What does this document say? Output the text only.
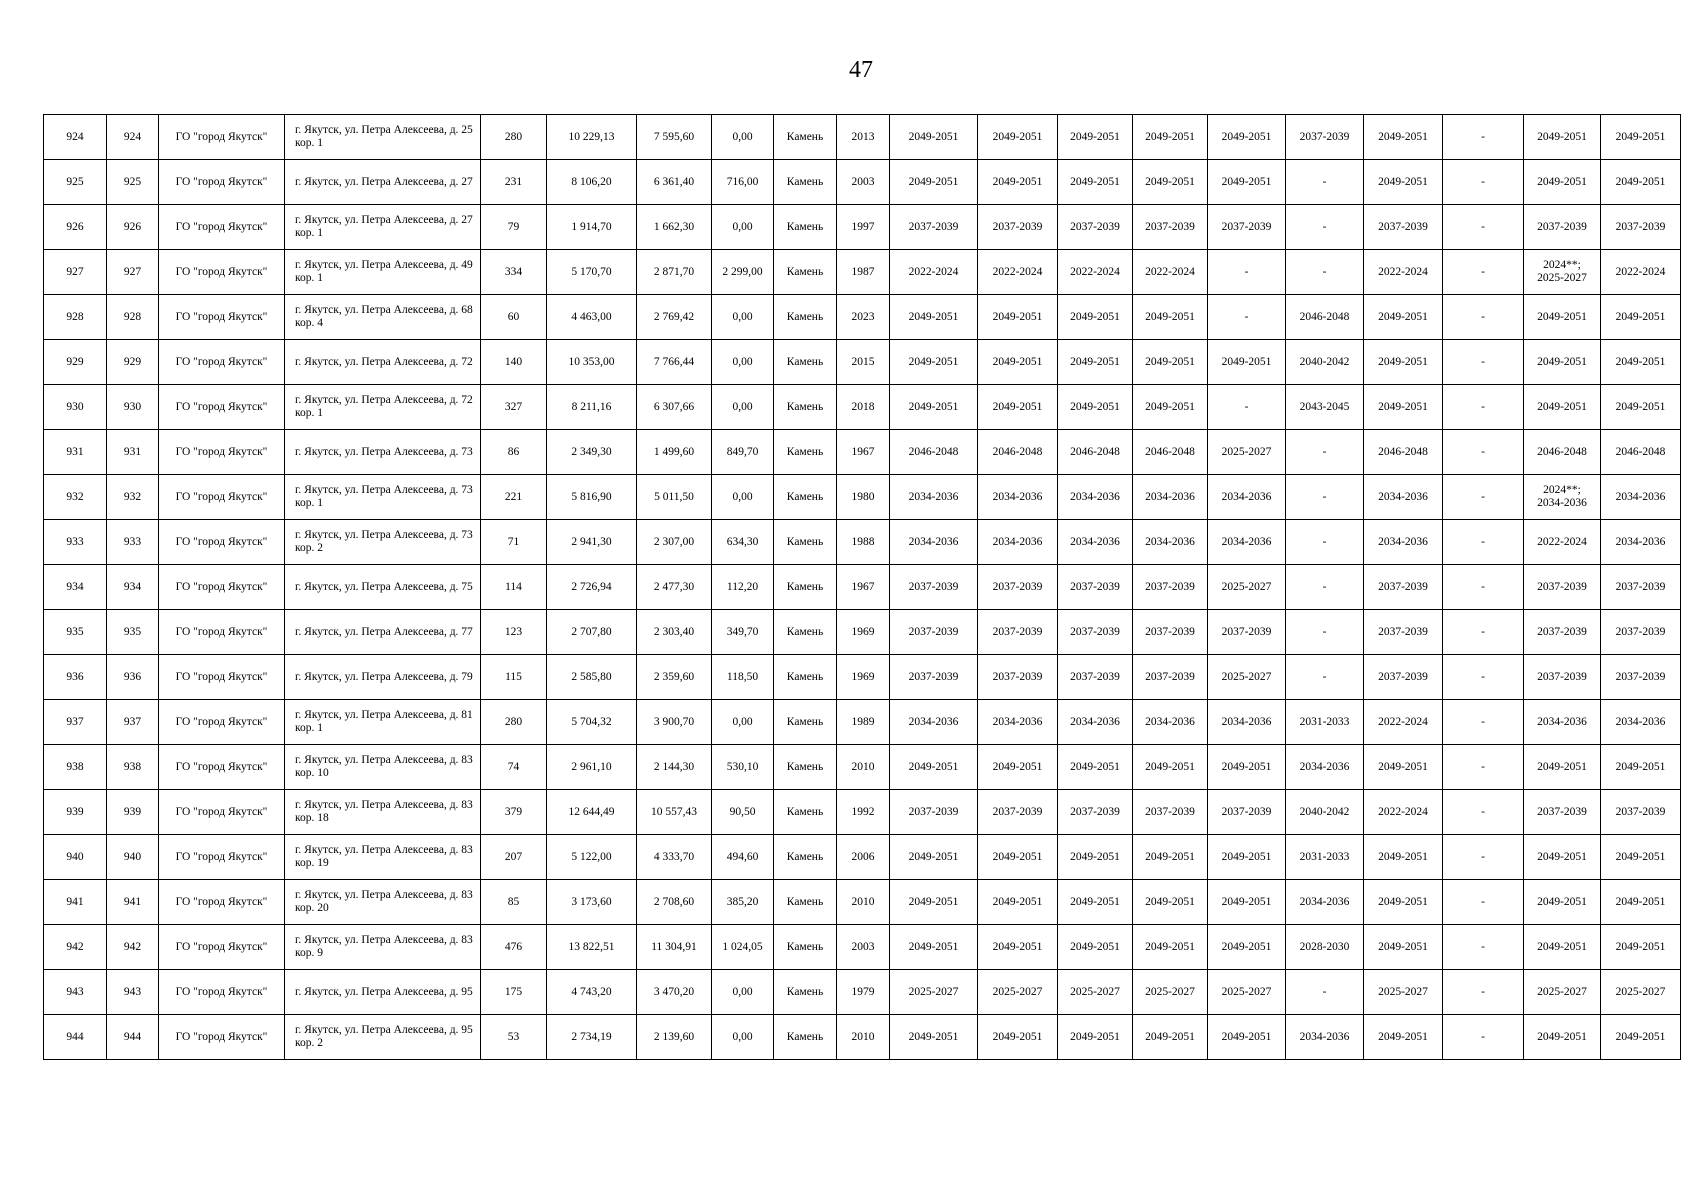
47
924	924	ГО "город Якутск"	г. Якутск, ул. Петра Алексеева, д. 25 кор. 1	280	10 229,13	7 595,60	0,00	Камень	2013	2049-2051	2049-2051	2049-2051	2049-2051	2049-2051	2037-2039	2049-2051	-	2049-2051	2049-2051
925	925	ГО "город Якутск"	г. Якутск, ул. Петра Алексеева, д. 27	231	8 106,20	6 361,40	716,00	Камень	2003	2049-2051	2049-2051	2049-2051	2049-2051	2049-2051	-	2049-2051	-	2049-2051	2049-2051
926	926	ГО "город Якутск"	г. Якутск, ул. Петра Алексеева, д. 27 кор. 1	79	1 914,70	1 662,30	0,00	Камень	1997	2037-2039	2037-2039	2037-2039	2037-2039	2037-2039	-	2037-2039	-	2037-2039	2037-2039
927	927	ГО "город Якутск"	г. Якутск, ул. Петра Алексеева, д. 49 кор. 1	334	5 170,70	2 871,70	2 299,00	Камень	1987	2022-2024	2022-2024	2022-2024	2022-2024	-	-	2022-2024	-	2024**;
2025-2027	2022-2024
928	928	ГО "город Якутск"	г. Якутск, ул. Петра Алексеева, д. 68 кор. 4	60	4 463,00	2 769,42	0,00	Камень	2023	2049-2051	2049-2051	2049-2051	2049-2051	-	2046-2048	2049-2051	-	2049-2051	2049-2051
929	929	ГО "город Якутск"	г. Якутск, ул. Петра Алексеева, д. 72	140	10 353,00	7 766,44	0,00	Камень	2015	2049-2051	2049-2051	2049-2051	2049-2051	2049-2051	2040-2042	2049-2051	-	2049-2051	2049-2051
930	930	ГО "город Якутск"	г. Якутск, ул. Петра Алексеева, д. 72 кор. 1	327	8 211,16	6 307,66	0,00	Камень	2018	2049-2051	2049-2051	2049-2051	2049-2051	-	2043-2045	2049-2051	-	2049-2051	2049-2051
931	931	ГО "город Якутск"	г. Якутск, ул. Петра Алексеева, д. 73	86	2 349,30	1 499,60	849,70	Камень	1967	2046-2048	2046-2048	2046-2048	2046-2048	2025-2027	-	2046-2048	-	2046-2048	2046-2048
932	932	ГО "город Якутск"	г. Якутск, ул. Петра Алексеева, д. 73 кор. 1	221	5 816,90	5 011,50	0,00	Камень	1980	2034-2036	2034-2036	2034-2036	2034-2036	2034-2036	-	2034-2036	-	2024**;
2034-2036	2034-2036
933	933	ГО "город Якутск"	г. Якутск, ул. Петра Алексеева, д. 73 кор. 2	71	2 941,30	2 307,00	634,30	Камень	1988	2034-2036	2034-2036	2034-2036	2034-2036	2034-2036	-	2034-2036	-	2022-2024	2034-2036
934	934	ГО "город Якутск"	г. Якутск, ул. Петра Алексеева, д. 75	114	2 726,94	2 477,30	112,20	Камень	1967	2037-2039	2037-2039	2037-2039	2037-2039	2025-2027	-	2037-2039	-	2037-2039	2037-2039
935	935	ГО "город Якутск"	г. Якутск, ул. Петра Алексеева, д. 77	123	2 707,80	2 303,40	349,70	Камень	1969	2037-2039	2037-2039	2037-2039	2037-2039	2037-2039	-	2037-2039	-	2037-2039	2037-2039
936	936	ГО "город Якутск"	г. Якутск, ул. Петра Алексеева, д. 79	115	2 585,80	2 359,60	118,50	Камень	1969	2037-2039	2037-2039	2037-2039	2037-2039	2025-2027	-	2037-2039	-	2037-2039	2037-2039
937	937	ГО "город Якутск"	г. Якутск, ул. Петра Алексеева, д. 81 кор. 1	280	5 704,32	3 900,70	0,00	Камень	1989	2034-2036	2034-2036	2034-2036	2034-2036	2034-2036	2031-2033	2022-2024	-	2034-2036	2034-2036
938	938	ГО "город Якутск"	г. Якутск, ул. Петра Алексеева, д. 83 кор. 10	74	2 961,10	2 144,30	530,10	Камень	2010	2049-2051	2049-2051	2049-2051	2049-2051	2049-2051	2034-2036	2049-2051	-	2049-2051	2049-2051
939	939	ГО "город Якутск"	г. Якутск, ул. Петра Алексеева, д. 83 кор. 18	379	12 644,49	10 557,43	90,50	Камень	1992	2037-2039	2037-2039	2037-2039	2037-2039	2037-2039	2040-2042	2022-2024	-	2037-2039	2037-2039
940	940	ГО "город Якутск"	г. Якутск, ул. Петра Алексеева, д. 83 кор. 19	207	5 122,00	4 333,70	494,60	Камень	2006	2049-2051	2049-2051	2049-2051	2049-2051	2049-2051	2031-2033	2049-2051	-	2049-2051	2049-2051
941	941	ГО "город Якутск"	г. Якутск, ул. Петра Алексеева, д. 83 кор. 20	85	3 173,60	2 708,60	385,20	Камень	2010	2049-2051	2049-2051	2049-2051	2049-2051	2049-2051	2034-2036	2049-2051	-	2049-2051	2049-2051
942	942	ГО "город Якутск"	г. Якутск, ул. Петра Алексеева, д. 83 кор. 9	476	13 822,51	11 304,91	1 024,05	Камень	2003	2049-2051	2049-2051	2049-2051	2049-2051	2049-2051	2028-2030	2049-2051	-	2049-2051	2049-2051
943	943	ГО "город Якутск"	г. Якутск, ул. Петра Алексеева, д. 95	175	4 743,20	3 470,20	0,00	Камень	1979	2025-2027	2025-2027	2025-2027	2025-2027	2025-2027	-	2025-2027	-	2025-2027	2025-2027
944	944	ГО "город Якутск"	г. Якутск, ул. Петра Алексеева, д. 95 кор. 2	53	2 734,19	2 139,60	0,00	Камень	2010	2049-2051	2049-2051	2049-2051	2049-2051	2049-2051	2034-2036	2049-2051	-	2049-2051	2049-2051
